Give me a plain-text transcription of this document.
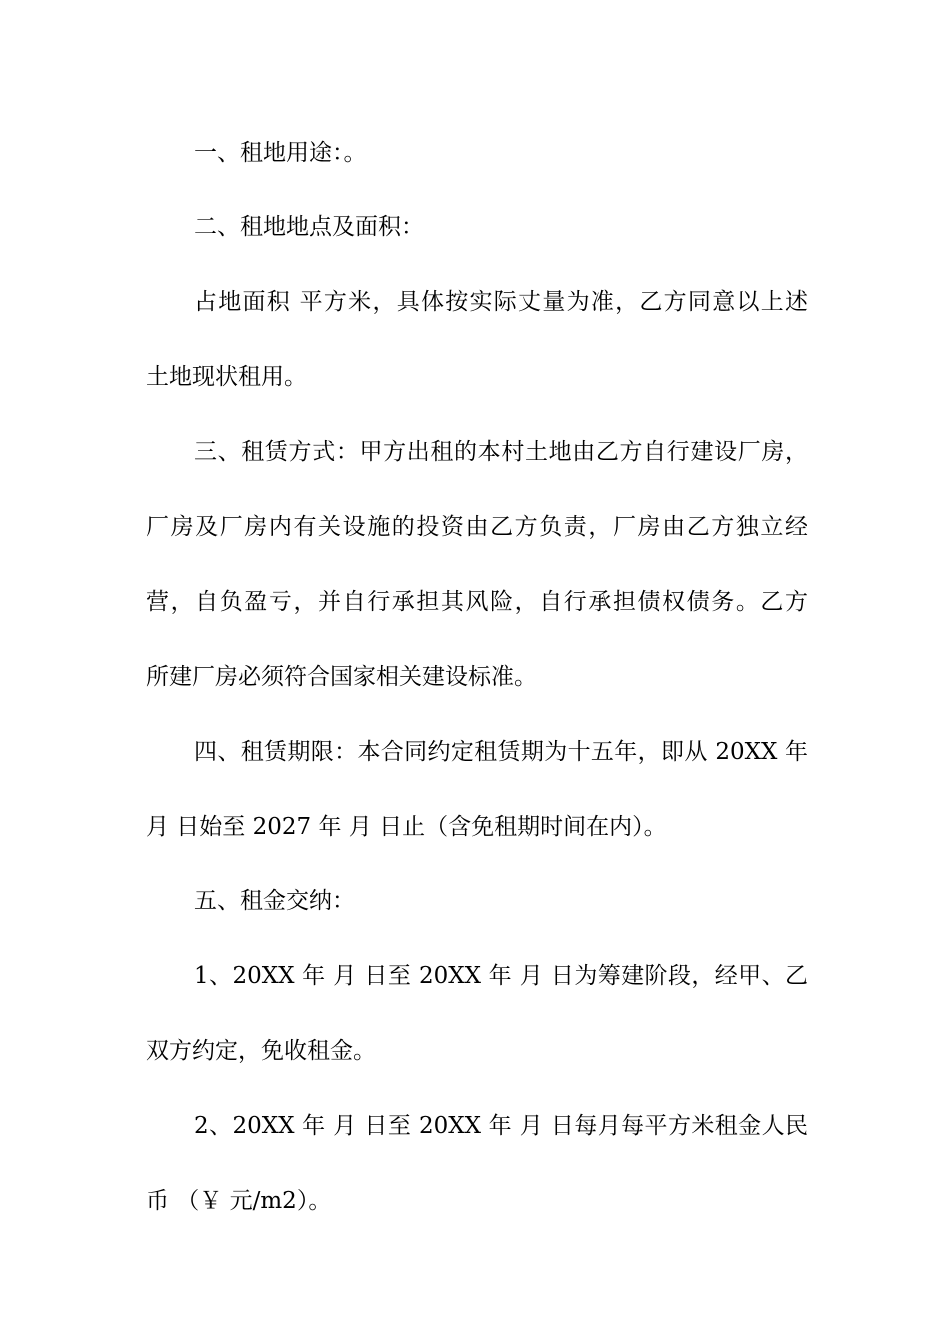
一、租地用途：。
二、租地地点及面积：
占地面积 平方米，具体按实际丈量为准，乙方同意以上述
土地现状租用。
三、租赁方式：甲方出租的本村土地由乙方自行建设厂房，
厂房及厂房内有关设施的投资由乙方负责，厂房由乙方独立经
营，自负盈亏，并自行承担其风险，自行承担债权债务。乙方
所建厂房必须符合国家相关建设标准。
四、租赁期限：本合同约定租赁期为十五年，即从 20XX 年
月 日始至 2027 年 月 日止（含免租期时间在内）。
五、租金交纳：
1、20XX 年 月 日至 20XX 年 月 日为筹建阶段，经甲、乙
双方约定，免收租金。
2、20XX 年 月 日至 20XX 年 月 日每月每平方米租金人民
币 （￥ 元/m2）。
